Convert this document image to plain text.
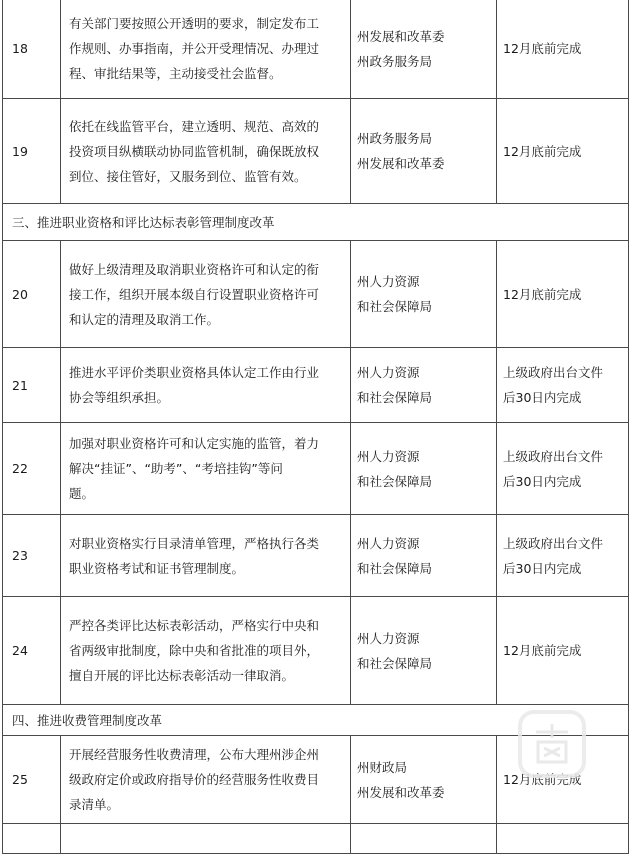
18	有关部门要按照公开透明的要求，制定发布工
作规则、办事指南，并公开受理情况、办理过
程、审批结果等，主动接受社会监督。	州发展和改革委
州政务服务局	12月底前完成

19	依托在线监管平台，建立透明、规范、高效的
投资项目纵横联动协同监管机制，确保既放权
到位、接住管好，又服务到位、监管有效。	州政务服务局
州发展和改革委	12月底前完成

三、推进职业资格和评比达标表彰管理制度改革			
20	做好上级清理及取消职业资格许可和认定的衔
接工作，组织开展本级自行设置职业资格许可
和认定的清理及取消工作。	州人力资源
和社会保障局	12月底前完成

21	推进水平评价类职业资格具体认定工作由行业
协会等组织承担。	州人力资源
和社会保障局	上级政府出台文件
后30日内完成

22	加强对职业资格许可和认定实施的监管，着力
解决“挂证”、“助考”、“考培挂钩”等问
题。	州人力资源
和社会保障局	上级政府出台文件
后30日内完成

23	对职业资格实行目录清单管理，严格执行各类
职业资格考试和证书管理制度。	州人力资源
和社会保障局	上级政府出台文件
后30日内完成

24	严控各类评比达标表彰活动，严格实行中央和
省两级审批制度，除中央和省批准的项目外，
擅自开展的评比达标表彰活动一律取消。	州人力资源
和社会保障局	12月底前完成

四、推进收费管理制度改革			
25	开展经营服务性收费清理，公布大理州涉企州
级政府定价或政府指导价的经营服务性收费目
录清单。	州财政局
州发展和改革委	12月底前完成
